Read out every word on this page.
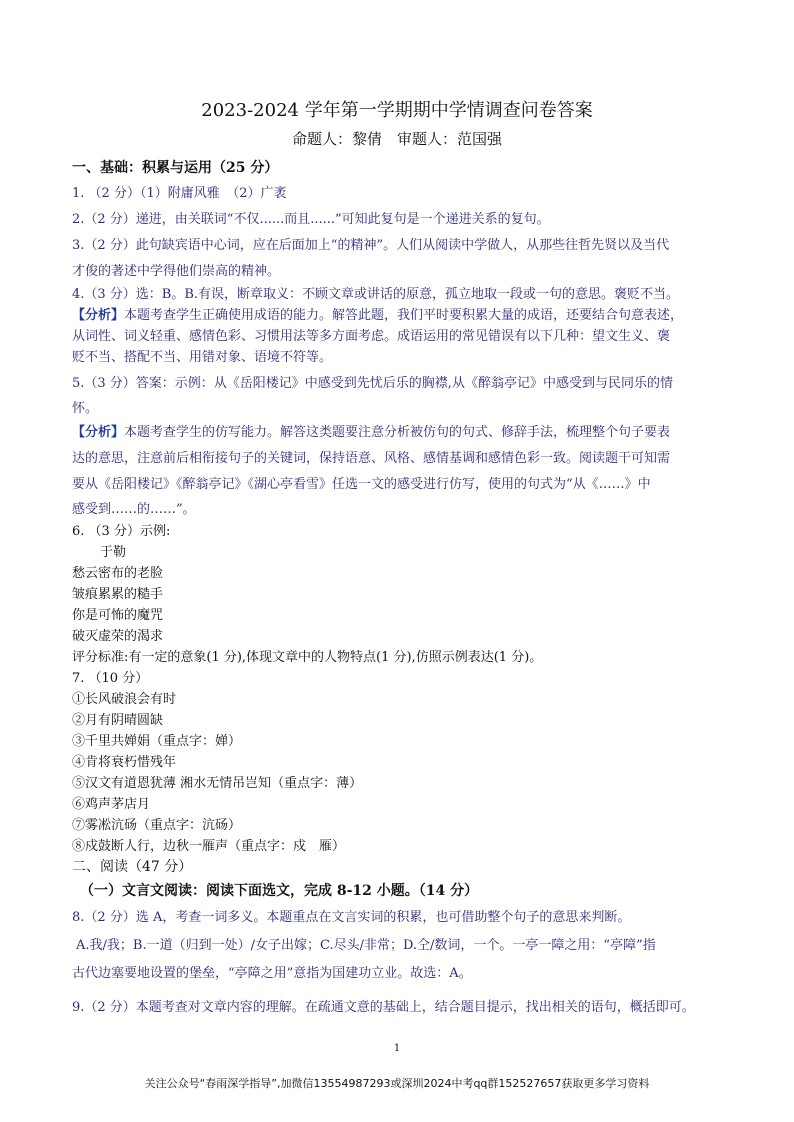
2023-2024 学年第一学期期中学情调查问卷答案
命题人：黎倩　审题人：范国强
一、基础：积累与运用（25 分）
1. （2 分）（1）附庸风雅　（2）广袤
2.（2 分）递进，由关联词“不仅......而且......”可知此复句是一个递进关系的复句。
3.（2 分）此句缺宾语中心词，应在后面加上“的精神”。人们从阅读中学做人，从那些往哲先贤以及当代
才俊的著述中学得他们崇高的精神。
4.（3 分）选：B。B.有误，断章取义：不顾文章或讲话的原意，孤立地取一段或一句的意思。褒贬不当。
【分析】本题考查学生正确使用成语的能力。解答此题，我们平时要积累大量的成语，还要结合句意表述，
从词性、词义轻重、感情色彩、习惯用法等多方面考虑。成语运用的常见错误有以下几种：望文生义、褒
贬不当、搭配不当、用错对象、语境不符等。
5.（3 分）答案：示例：从《岳阳楼记》中感受到先忧后乐的胸襟,从《醉翁亭记》中感受到与民同乐的情
怀。
【分析】本题考查学生的仿写能力。解答这类题要注意分析被仿句的句式、修辞手法，梳理整个句子要表
达的意思，注意前后相衔接句子的关键词，保持语意、风格、感情基调和感情色彩一致。阅读题干可知需
要从《岳阳楼记》《醉翁亭记》《湖心亭看雪》任选一文的感受进行仿写，使用的句式为“从《……》中
感受到……的……”。
6. （3 分）示例:
于勒
愁云密布的老脸
皱痕累累的糙手
你是可怖的魔咒
破灭虚荣的渴求
评分标准:有一定的意象(1 分),体现文章中的人物特点(1 分),仿照示例表达(1 分)。
7. （10 分）
①长风破浪会有时
②月有阴晴圆缺
③千里共婵娟（重点字：婵）
④肯将衰朽惜残年
⑤汉文有道恩犹薄 湘水无情吊岂知（重点字：薄）
⑥鸡声茅店月
⑦雾凇沆砀（重点字：沆砀）
⑧戍鼓断人行，边秋一雁声（重点字：戍　雁）
二、阅读（47 分）
（一）文言文阅读：阅读下面选文，完成 8-12 小题。（14 分）
8.（2 分）选 A，考查一词多义。本题重点在文言实词的积累，也可借助整个句子的意思来判断。
A.我/我；B.一道（归到一处）/女子出嫁；C.尽头/非常；D.仝/数词，一个。一亭一障之用：“亭障”指
古代边塞要地设置的堡垒，“亭障之用”意指为国建功立业。故选：A。
9.（2 分）本题考查对文章内容的理解。在疏通文意的基础上，结合题目提示，找出相关的语句，概括即可。
1
关注公众号“春雨深学指导”,加微信13554987293或深圳2024中考qq群152527657获取更多学习资料
